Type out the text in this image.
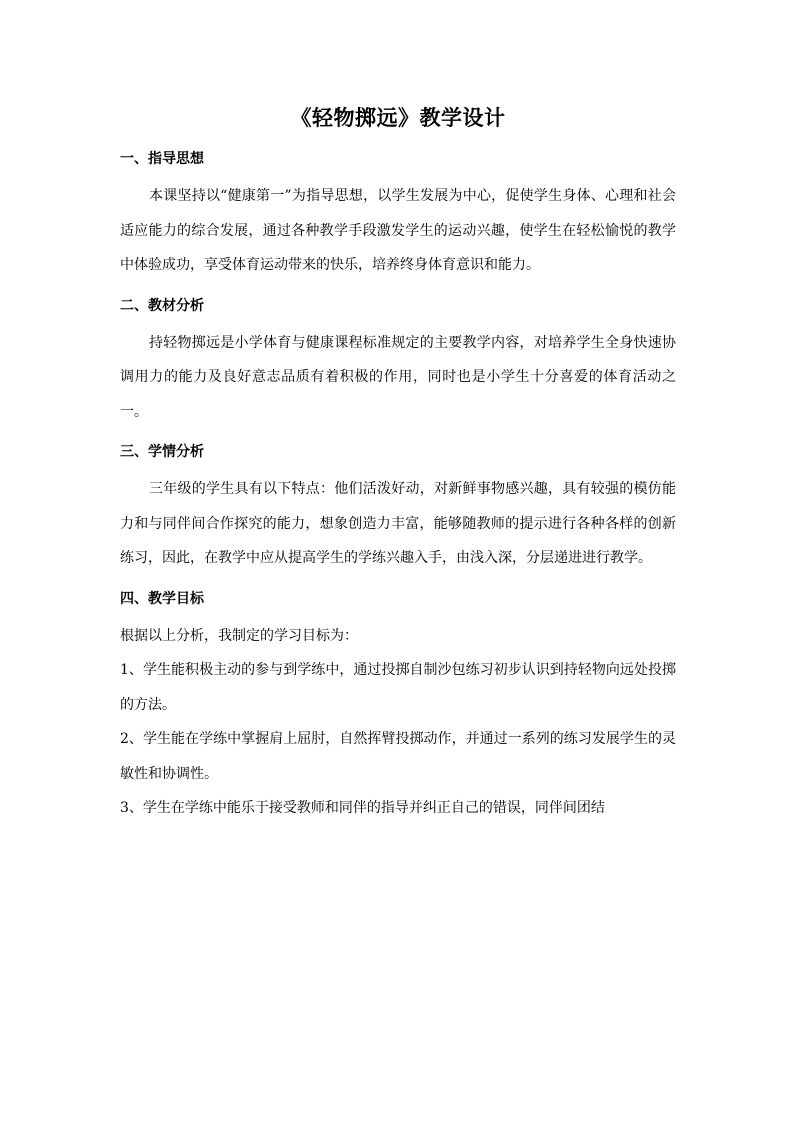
《轻物掷远》教学设计
一、指导思想

本课坚持以“健康第一”为指导思想，以学生发展为中心，促使学生身体、心理和社会适应能力的综合发展，通过各种教学手段激发学生的运动兴趣，使学生在轻松愉悦的教学中体验成功，享受体育运动带来的快乐，培养终身体育意识和能力。

二、教材分析

持轻物掷远是小学体育与健康课程标准规定的主要教学内容，对培养学生全身快速协调用力的能力及良好意志品质有着积极的作用，同时也是小学生十分喜爱的体育活动之一。

三、学情分析

三年级的学生具有以下特点：他们活泼好动，对新鲜事物感兴趣，具有较强的模仿能力和与同伴间合作探究的能力，想象创造力丰富，能够随教师的提示进行各种各样的创新练习，因此，在教学中应从提高学生的学练兴趣入手，由浅入深，分层递进进行教学。

四、教学目标

根据以上分析，我制定的学习目标为：

1、学生能积极主动的参与到学练中，通过投掷自制沙包练习初步认识到持轻物向远处投掷的方法。

2、学生能在学练中掌握肩上屈肘，自然挥臂投掷动作，并通过一系列的练习发展学生的灵敏性和协调性。

3、学生在学练中能乐于接受教师和同伴的指导并纠正自己的错误，同伴间团结
